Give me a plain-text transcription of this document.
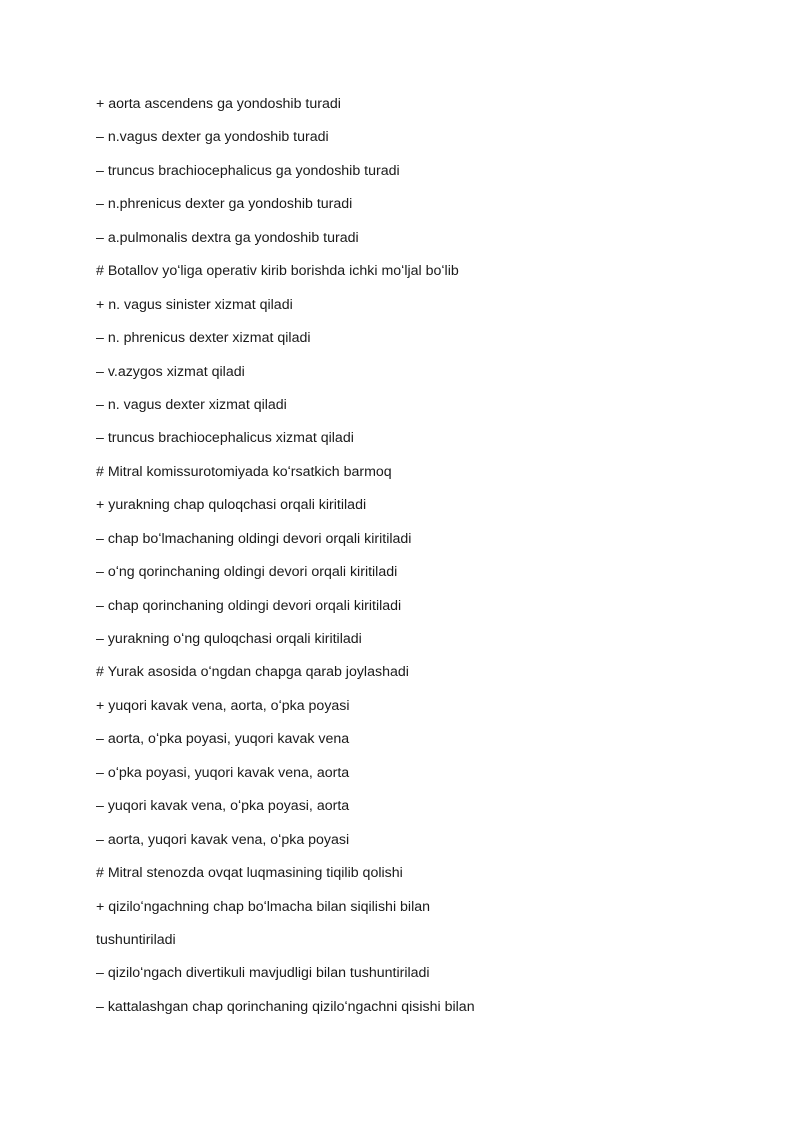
+ aorta ascendens ga yondoshib turadi
– n.vagus dexter ga yondoshib turadi
– truncus brachiocephalicus ga yondoshib turadi
– n.phrenicus dexter ga yondoshib turadi
– a.pulmonalis dextra ga yondoshib turadi
# Botallov yoʻliga operativ kirib borishda ichki moʻljal boʻlib
+ n. vagus sinister xizmat qiladi
– n. phrenicus dexter xizmat qiladi
– v.azygos xizmat qiladi
– n. vagus dexter xizmat qiladi
– truncus brachiocephalicus xizmat qiladi
# Mitral komissurotomiyada koʻrsatkich barmoq
+ yurakning chap quloqchasi orqali kiritiladi
– chap boʻlmachaning oldingi devori orqali kiritiladi
– oʻng qorinchaning oldingi devori orqali kiritiladi
– chap qorinchaning oldingi devori orqali kiritiladi
– yurakning oʻng quloqchasi orqali kiritiladi
# Yurak asosida oʻngdan chapga qarab joylashadi
+ yuqori kavak vena, aorta, oʻpka poyasi
– aorta, oʻpka poyasi, yuqori kavak vena
– oʻpka poyasi, yuqori kavak vena, aorta
– yuqori kavak vena, oʻpka poyasi, aorta
– aorta, yuqori kavak vena, oʻpka poyasi
# Mitral stenozda ovqat luqmasining tiqilib qolishi
+ qiziloʻngachning chap boʻlmacha bilan siqilishi bilan
tushuntiriladi
– qiziloʻngach divertikuli mavjudligi bilan tushuntiriladi
– kattalashgan chap qorinchaning qiziloʻngachni qisishi bilan
